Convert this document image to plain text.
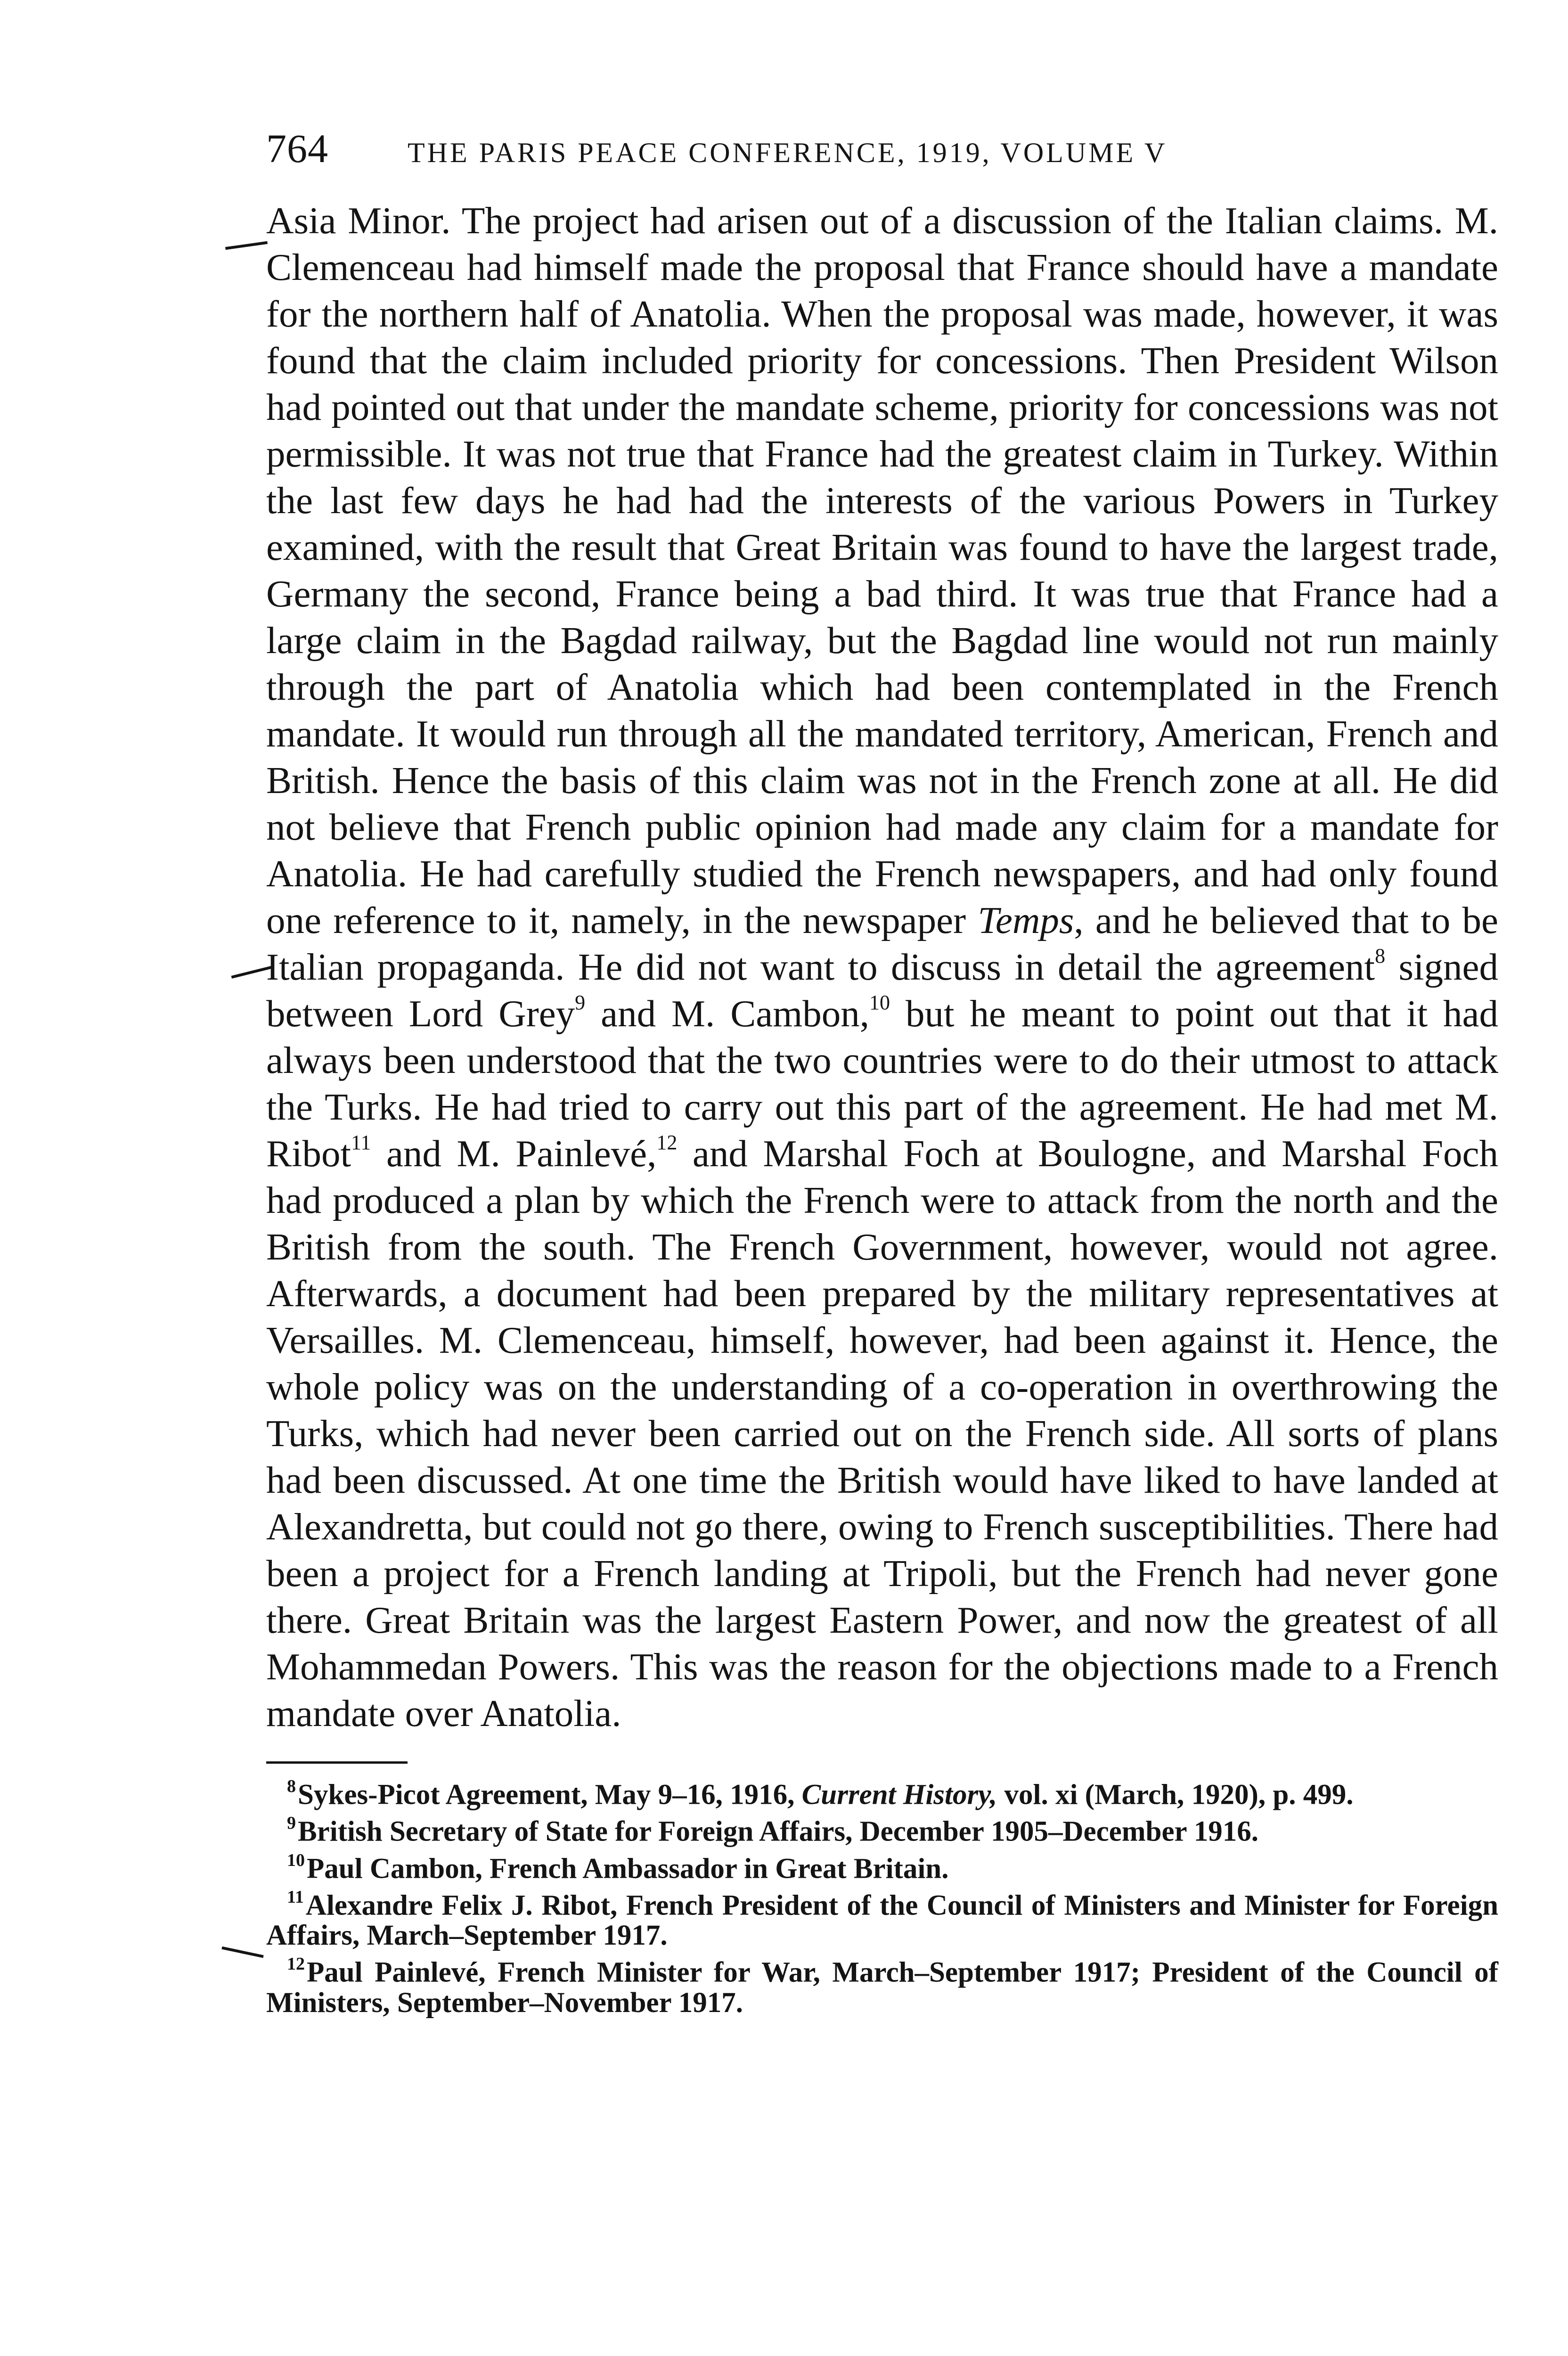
764	THE PARIS PEACE CONFERENCE, 1919, VOLUME V

Asia Minor. The project had arisen out of a discussion of the Italian claims. M. Clemenceau had himself made the proposal that France should have a mandate for the northern half of Anatolia. When the proposal was made, however, it was found that the claim included priority for concessions. Then President Wilson had pointed out that under the mandate scheme, priority for concessions was not permissible. It was not true that France had the greatest claim in Turkey. Within the last few days he had had the interests of the various Powers in Turkey examined, with the result that Great Britain was found to have the largest trade, Germany the second, France being a bad third. It was true that France had a large claim in the Bagdad railway, but the Bagdad line would not run mainly through the part of Anatolia which had been contemplated in the French mandate. It would run through all the mandated territory, American, French and British. Hence the basis of this claim was not in the French zone at all. He did not believe that French public opinion had made any claim for a mandate for Anatolia. He had carefully studied the French newspapers, and had only found one reference to it, namely, in the newspaper Temps, and he believed that to be Italian propaganda. He did not want to discuss in detail the agreement$^8$ signed between Lord Grey$^9$ and M. Cambon,$^{10}$ but he meant to point out that it had always been understood that the two countries were to do their utmost to attack the Turks. He had tried to carry out this part of the agreement. He had met M. Ribot$^{11}$ and M. Painlevé,$^{12}$ and Marshal Foch at Boulogne, and Marshal Foch had produced a plan by which the French were to attack from the north and the British from the south. The French Government, however, would not agree. Afterwards, a document had been prepared by the military representatives at Versailles. M. Clemenceau, himself, however, had been against it. Hence, the whole policy was on the understanding of a co-operation in overthrowing the Turks, which had never been carried out on the French side. All sorts of plans had been discussed. At one time the British would have liked to have landed at Alexandretta, but could not go there, owing to French susceptibilities. There had been a project for a French landing at Tripoli, but the French had never gone there. Great Britain was the largest Eastern Power, and now the greatest of all Mohammedan Powers. This was the reason for the objections made to a French mandate over Anatolia.

$^8$Sykes-Picot Agreement, May 9–16, 1916, Current History, vol. xi (March, 1920), p. 499.

$^9$British Secretary of State for Foreign Affairs, December 1905–December 1916.

$^{10}$Paul Cambon, French Ambassador in Great Britain.

$^{11}$Alexandre Felix J. Ribot, French President of the Council of Ministers and Minister for Foreign Affairs, March–September 1917.

$^{12}$Paul Painlevé, French Minister for War, March–September 1917; President of the Council of Ministers, September–November 1917.
